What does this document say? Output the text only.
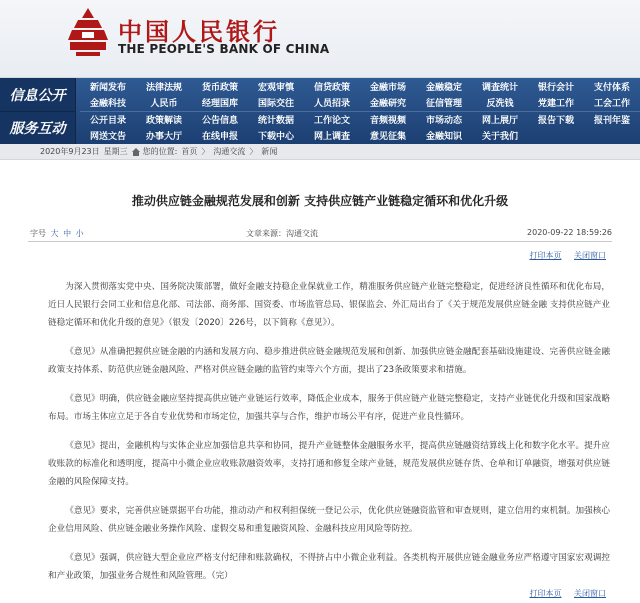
中国人民银行
THE PEOPLE'S BANK OF CHINA
信息公开
服务互动
新闻发布	法律法规	货币政策	宏观审慎	信贷政策	金融市场	金融稳定	调查统计	银行会计	支付体系
金融科技	人民币	经理国库	国际交往	人员招录	金融研究	征信管理	反洗钱	党建工作	工会工作
公开目录	政策解读	公告信息	统计数据	工作论文	音频视频	市场动态	网上展厅	报告下载	报刊年鉴
网送文告	办事大厅	在线申报	下载中心	网上调查	意见征集	金融知识	关于我们
2020年9月23日 星期三 您的位置: 首页 〉 沟通交流 〉 新闻
推动供应链金融规范发展和创新 支持供应链产业链稳定循环和优化升级
字号 大 中 小	文章来源：沟通交流	2020-09-22 18:59:26
打印本页 关闭窗口

为深入贯彻落实党中央、国务院决策部署，做好金融支持稳企业保就业工作，精准服务供应链产业链完整稳定，促进经济良性循环和优化布局，近日人民银行会同工业和信息化部、司法部、商务部、国资委、市场监管总局、银保监会、外汇局出台了《关于规范发展供应链金融 支持供应链产业链稳定循环和优化升级的意见》（银发〔2020〕226号，以下简称《意见》）。

《意见》从准确把握供应链金融的内涵和发展方向、稳步推进供应链金融规范发展和创新、加强供应链金融配套基础设施建设、完善供应链金融政策支持体系、防范供应链金融风险、严格对供应链金融的监管约束等六个方面，提出了23条政策要求和措施。

《意见》明确，供应链金融应坚持提高供应链产业链运行效率，降低企业成本，服务于供应链产业链完整稳定，支持产业链优化升级和国家战略布局。市场主体应立足于各自专业优势和市场定位，加强共享与合作，维护市场公平有序，促进产业良性循环。

《意见》提出，金融机构与实体企业应加强信息共享和协同，提升产业链整体金融服务水平，提高供应链融资结算线上化和数字化水平。提升应收账款的标准化和透明度，提高中小微企业应收账款融资效率，支持打通和修复全球产业链，规范发展供应链存货、仓单和订单融资，增强对供应链金融的风险保障支持。

《意见》要求，完善供应链票据平台功能，推动动产和权利担保统一登记公示，优化供应链融资监管和审查规则，建立信用约束机制。加强核心企业信用风险、供应链金融业务操作风险、虚假交易和重复融资风险、金融科技应用风险等防控。

《意见》强调，供应链大型企业应严格支付纪律和账款确权，不得挤占中小微企业利益。各类机构开展供应链金融业务应严格遵守国家宏观调控和产业政策，加强业务合规性和风险管理。（完）

打印本页 关闭窗口
